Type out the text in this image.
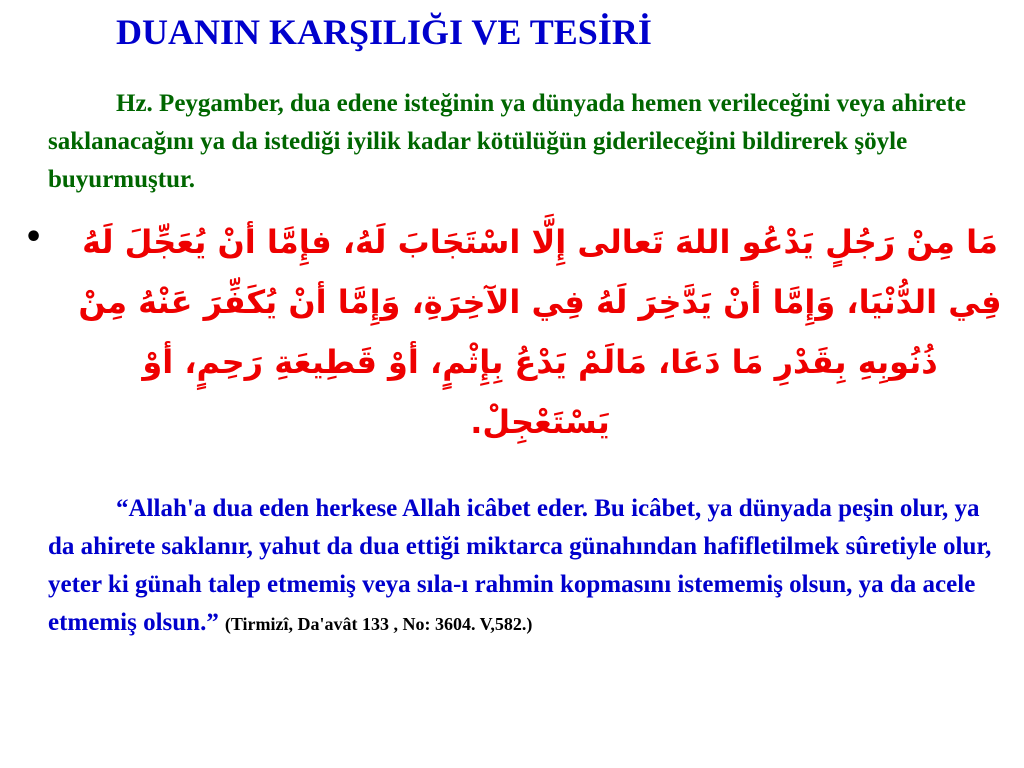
DUANIN KARŞILIĞI VE TESİRİ

Hz. Peygamber, dua edene isteğinin ya dünyada hemen verileceğini veya ahirete saklanacağını ya da istediği iyilik kadar kötülüğün giderileceğini bildirerek şöyle buyurmuştur.

•	مَا مِنْ رَجُلٍ يَدْعُو اللهَ تَعالى إِلَّا اسْتَجَابَ لَهُ، فإِمَّا أنْ يُعَجِّلَ لَهُ فِي الدُّنْيَا، وَإِمَّا أنْ يَدَّخِرَ لَهُ فِي الآخِرَةِ، وَإِمَّا أنْ يُكَفِّرَ عَنْهُ مِنْ ذُنُوبِهِ بِقَدْرِ مَا دَعَا، مَالَمْ يَدْعُ بِإِثْمٍ، أوْ قَطِيعَةِ رَحِمٍ، أوْ يَسْتَعْجِلْ.

“Allah'a dua eden herkese Allah icâbet eder. Bu icâbet, ya dünyada peşin olur, ya da ahirete saklanır, yahut da dua ettiği miktarca günahından hafifletilmek sûretiyle olur, yeter ki günah talep etmemiş veya sıla-ı rahmin kopmasını istememiş olsun, ya da acele etmemiş olsun.” (Tirmizî, Da'avât 133 , No: 3604. V,582.)
